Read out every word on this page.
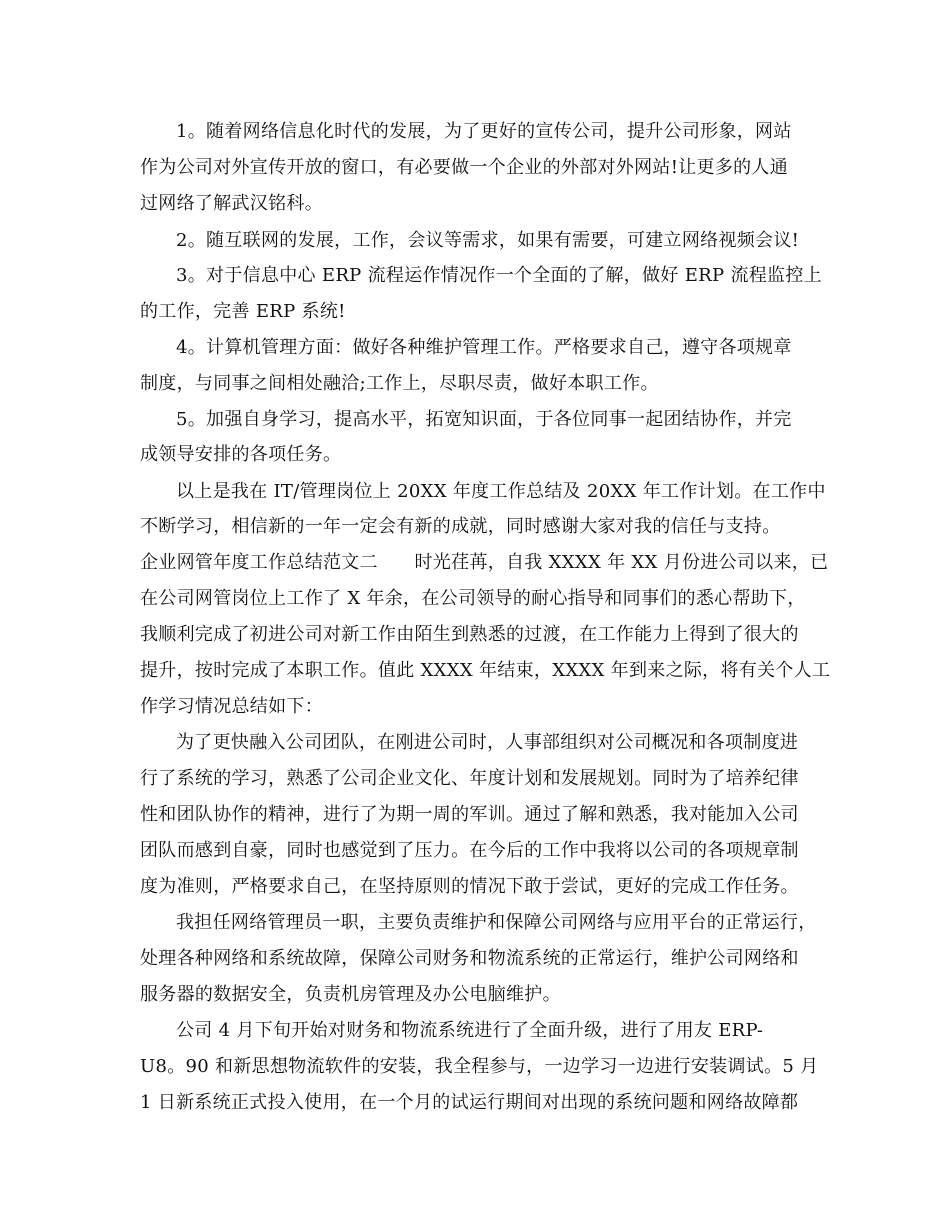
1。随着网络信息化时代的发展，为了更好的宣传公司，提升公司形象，网站
作为公司对外宣传开放的窗口，有必要做一个企业的外部对外网站!让更多的人通
过网络了解武汉铭科。
2。随互联网的发展，工作，会议等需求，如果有需要，可建立网络视频会议!
3。对于信息中心 ERP 流程运作情况作一个全面的了解，做好 ERP 流程监控上
的工作，完善 ERP 系统!
4。计算机管理方面：做好各种维护管理工作。严格要求自己，遵守各项规章
制度，与同事之间相处融洽;工作上，尽职尽责，做好本职工作。
5。加强自身学习，提高水平，拓宽知识面，于各位同事一起团结协作，并完
成领导安排的各项任务。
以上是我在 IT/管理岗位上 20XX 年度工作总结及 20XX 年工作计划。在工作中
不断学习，相信新的一年一定会有新的成就，同时感谢大家对我的信任与支持。
企业网管年度工作总结范文二　　时光荏苒，自我 XXXX 年 XX 月份进公司以来，已
在公司网管岗位上工作了 X 年余，在公司领导的耐心指导和同事们的悉心帮助下，
我顺利完成了初进公司对新工作由陌生到熟悉的过渡，在工作能力上得到了很大的
提升，按时完成了本职工作。值此 XXXX 年结束，XXXX 年到来之际，将有关个人工
作学习情况总结如下：
为了更快融入公司团队，在刚进公司时，人事部组织对公司概况和各项制度进
行了系统的学习，熟悉了公司企业文化、年度计划和发展规划。同时为了培养纪律
性和团队协作的精神，进行了为期一周的军训。通过了解和熟悉，我对能加入公司
团队而感到自豪，同时也感觉到了压力。在今后的工作中我将以公司的各项规章制
度为准则，严格要求自己，在坚持原则的情况下敢于尝试，更好的完成工作任务。
我担任网络管理员一职，主要负责维护和保障公司网络与应用平台的正常运行，
处理各种网络和系统故障，保障公司财务和物流系统的正常运行，维护公司网络和
服务器的数据安全，负责机房管理及办公电脑维护。
公司 4 月下旬开始对财务和物流系统进行了全面升级，进行了用友 ERP-
U8。90 和新思想物流软件的安装，我全程参与，一边学习一边进行安装调试。5 月
1 日新系统正式投入使用，在一个月的试运行期间对出现的系统问题和网络故障都
